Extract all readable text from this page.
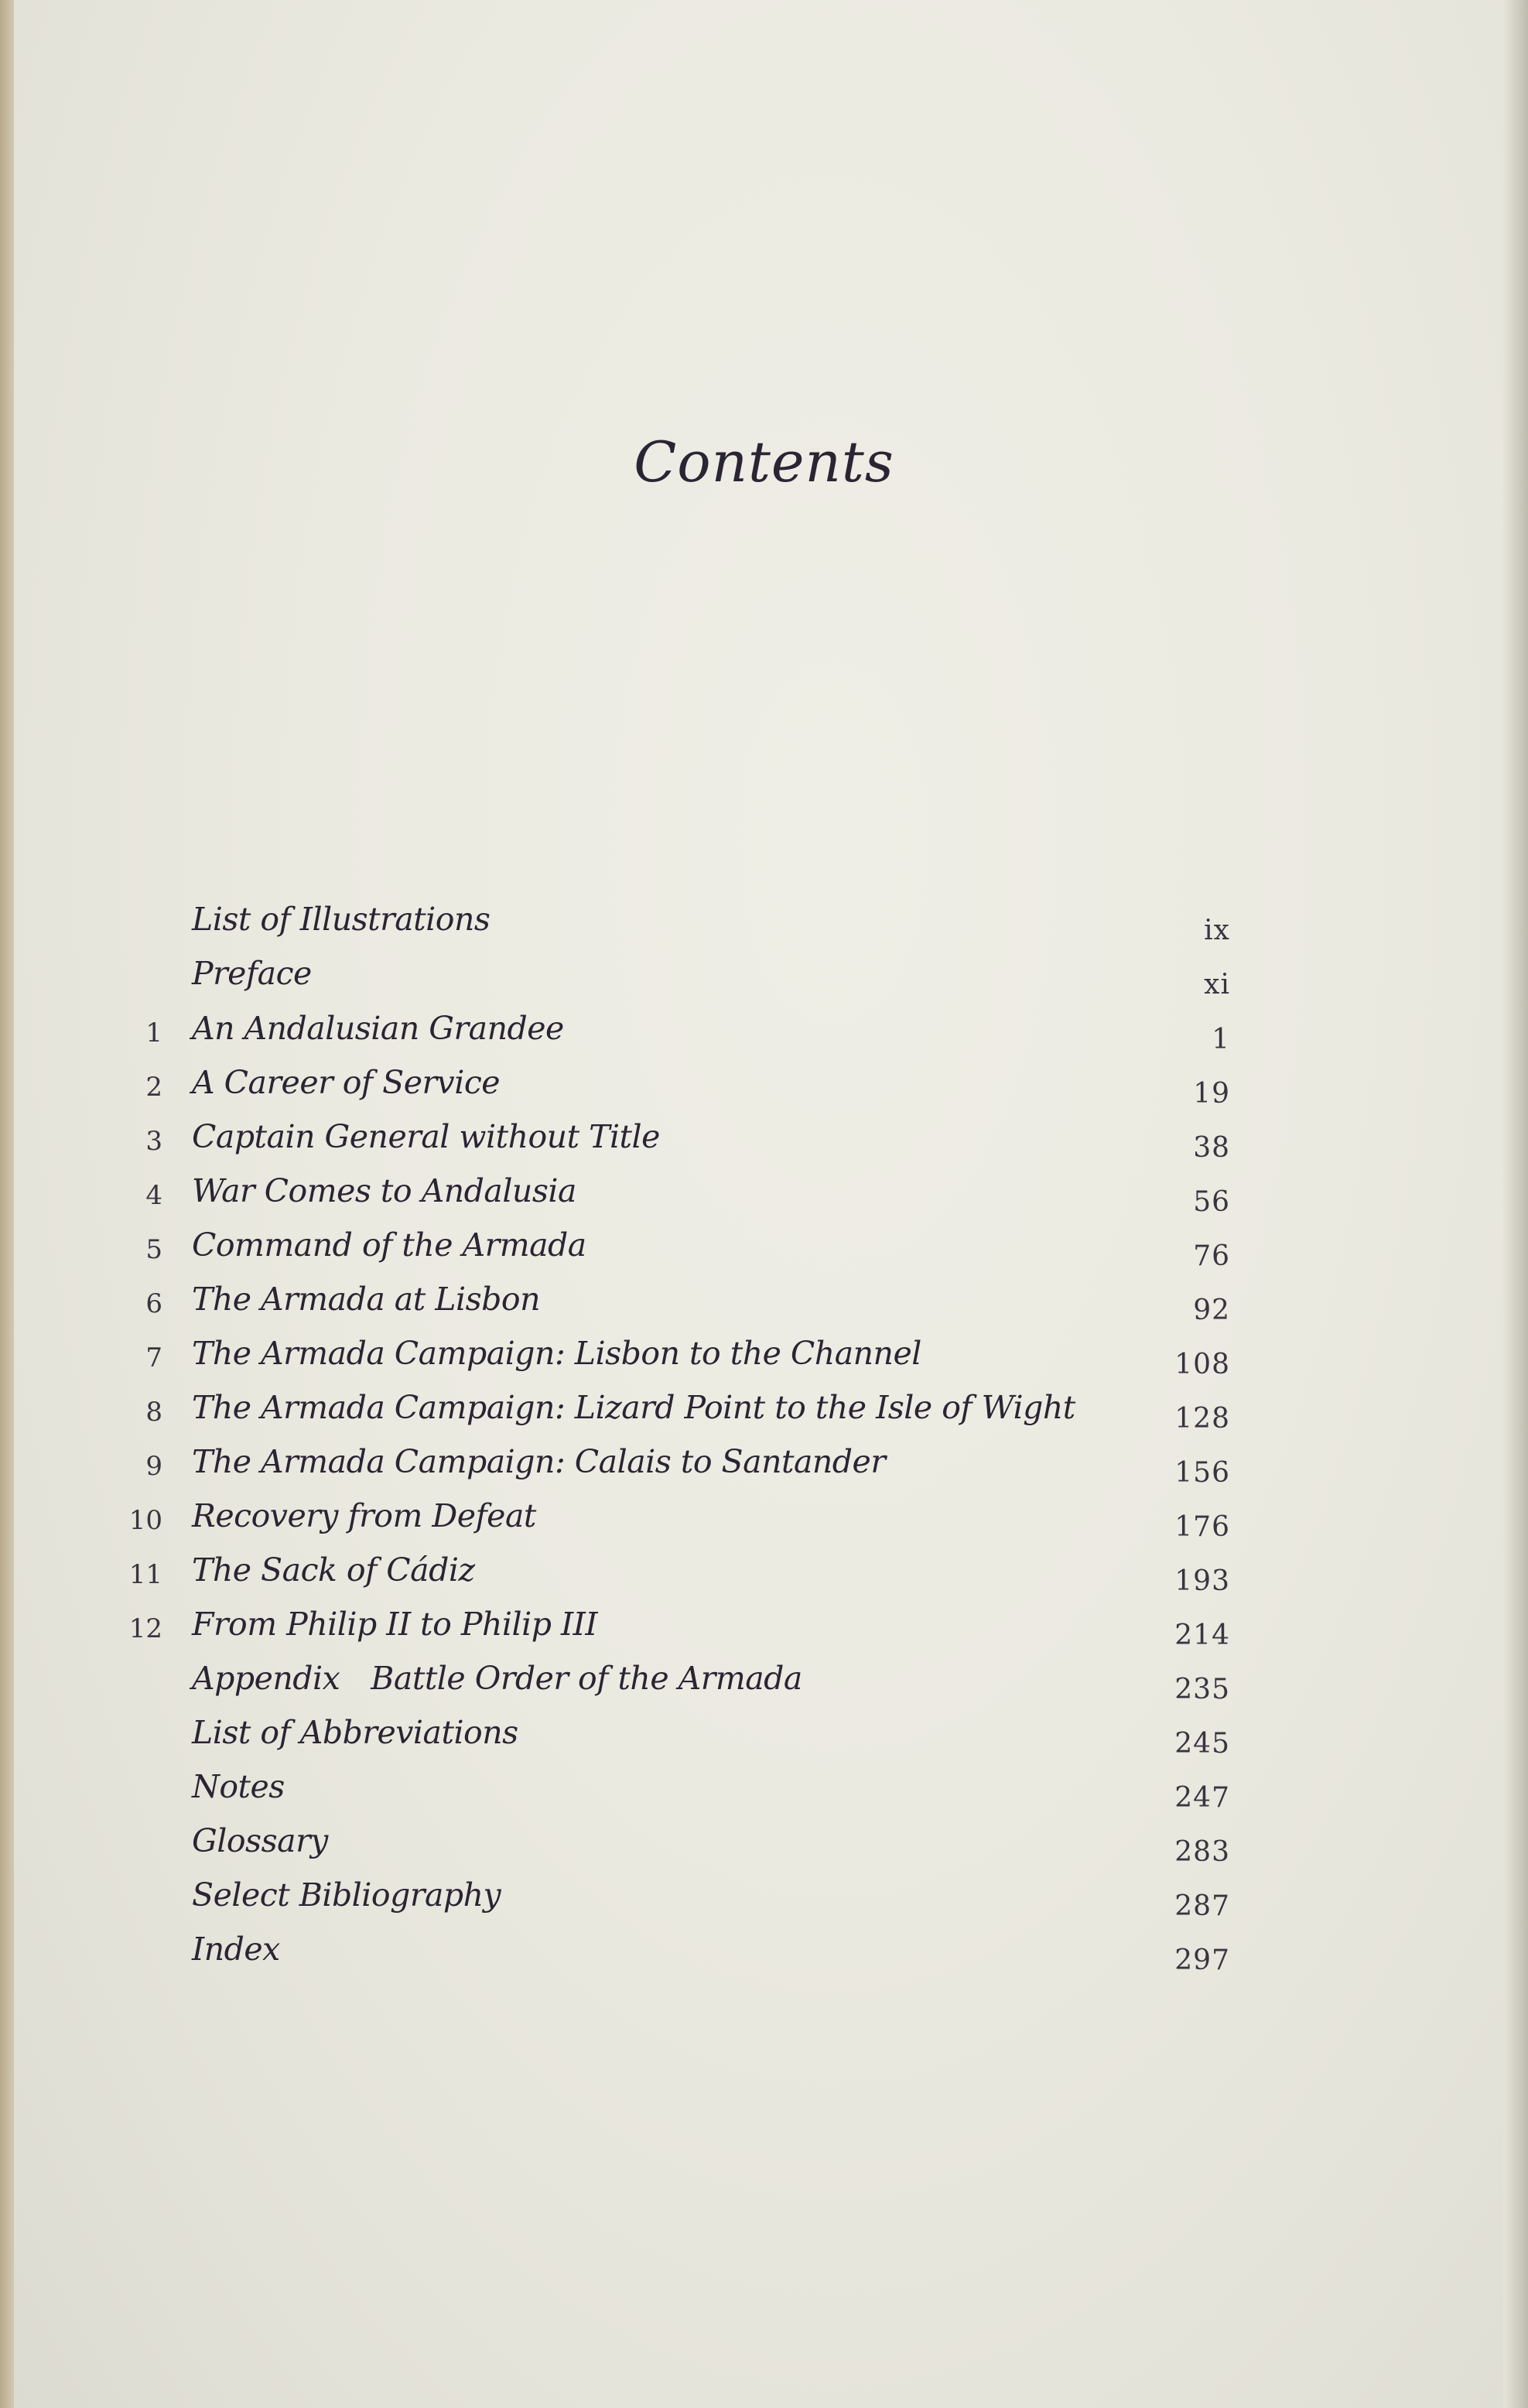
Contents
List of Illustrations	ix
Preface	xi
1 An Andalusian Grandee	1
2 A Career of Service	19
3 Captain General without Title	38
4 War Comes to Andalusia	56
5 Command of the Armada	76
6 The Armada at Lisbon	92
7 The Armada Campaign: Lisbon to the Channel	108
8 The Armada Campaign: Lizard Point to the Isle of Wight	128
9 The Armada Campaign: Calais to Santander	156
10 Recovery from Defeat	176
11 The Sack of Cádiz	193
12 From Philip II to Philip III	214
Appendix Battle Order of the Armada	235
List of Abbreviations	245
Notes	247
Glossary	283
Select Bibliography	287
Index	297
